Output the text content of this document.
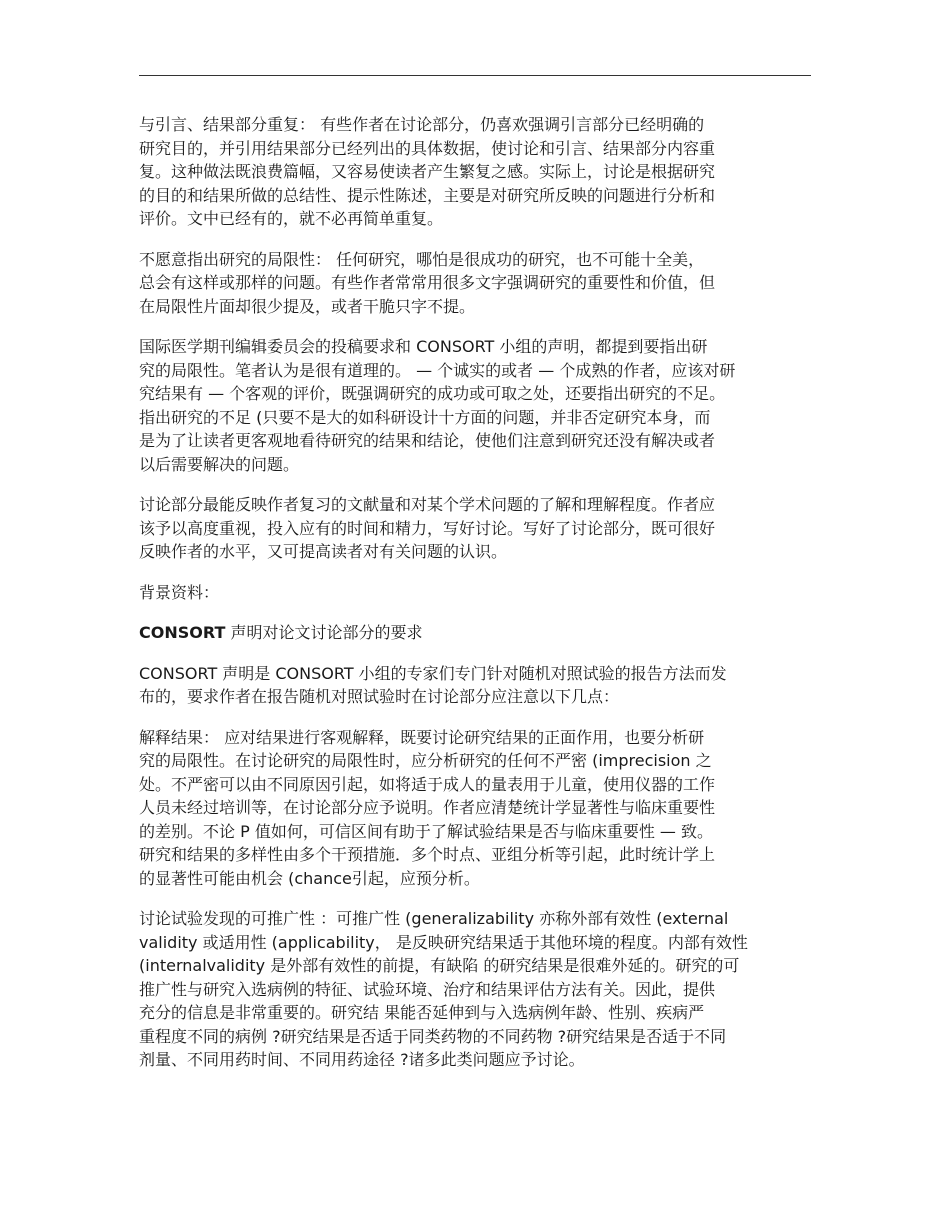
与引言、结果部分重复： 有些作者在讨论部分，仍喜欢强调引言部分已经明确的
研究目的，并引用结果部分已经列出的具体数据，使讨论和引言、结果部分内容重
复。这种做法既浪费篇幅，又容易使读者产生繁复之感。实际上，讨论是根据研究
的目的和结果所做的总结性、提示性陈述，主要是对研究所反映的问题进行分析和
评价。文中已经有的，就不必再简单重复。

不愿意指出研究的局限性： 任何研究，哪怕是很成功的研究，也不可能十全美，
总会有这样或那样的问题。有些作者常常用很多文字强调研究的重要性和价值，但
在局限性片面却很少提及，或者干脆只字不提。

国际医学期刊编辑委员会的投稿要求和 CONSORT 小组的声明，都提到要指出研
究的局限性。笔者认为是很有道理的。 — 个诚实的或者 — 个成熟的作者，应该对研
究结果有 — 个客观的评价，既强调研究的成功或可取之处，还要指出研究的不足。
指出研究的不足 (只要不是大的如科研设计十方面的问题，并非否定研究本身，而
是为了让读者更客观地看待研究的结果和结论，使他们注意到研究还没有解决或者
以后需要解决的问题。

讨论部分最能反映作者复习的文献量和对某个学术问题的了解和理解程度。作者应
该予以高度重视，投入应有的时间和精力，写好讨论。写好了讨论部分，既可很好
反映作者的水平，又可提高读者对有关问题的认识。

背景资料：

CONSORT 声明对论文讨论部分的要求

CONSORT 声明是 CONSORT 小组的专家们专门针对随机对照试验的报告方法而发
布的，要求作者在报告随机对照试验时在讨论部分应注意以下几点：

解释结果： 应对结果进行客观解释，既要讨论研究结果的正面作用，也要分析研
究的局限性。在讨论研究的局限性时，应分析研究的任何不严密 (imprecision 之
处。不严密可以由不同原因引起，如将适于成人的量表用于儿童，使用仪器的工作
人员未经过培训等，在讨论部分应予说明。作者应清楚统计学显著性与临床重要性
的差别。不论 P 值如何，可信区间有助于了解试验结果是否与临床重要性 — 致。
研究和结果的多样性由多个干预措施．多个时点、亚组分析等引起，此时统计学上
的显著性可能由机会 (chance引起，应预分析。

讨论试验发现的可推广性 ：可推广性 (generalizability 亦称外部有效性 (external
validity 或适用性 (applicability， 是反映研究结果适于其他环境的程度。内部有效性
(internalvalidity 是外部有效性的前提，有缺陷 的研究结果是很难外延的。研究的可
推广性与研究入选病例的特征、试验环境、治疗和结果评估方法有关。因此，提供
充分的信息是非常重要的。研究结 果能否延伸到与入选病例年龄、性别、疾病严
重程度不同的病例 ?研究结果是否适于同类药物的不同药物 ?研究结果是否适于不同
剂量、不同用药时间、不同用药途径 ?诸多此类问题应予讨论。
